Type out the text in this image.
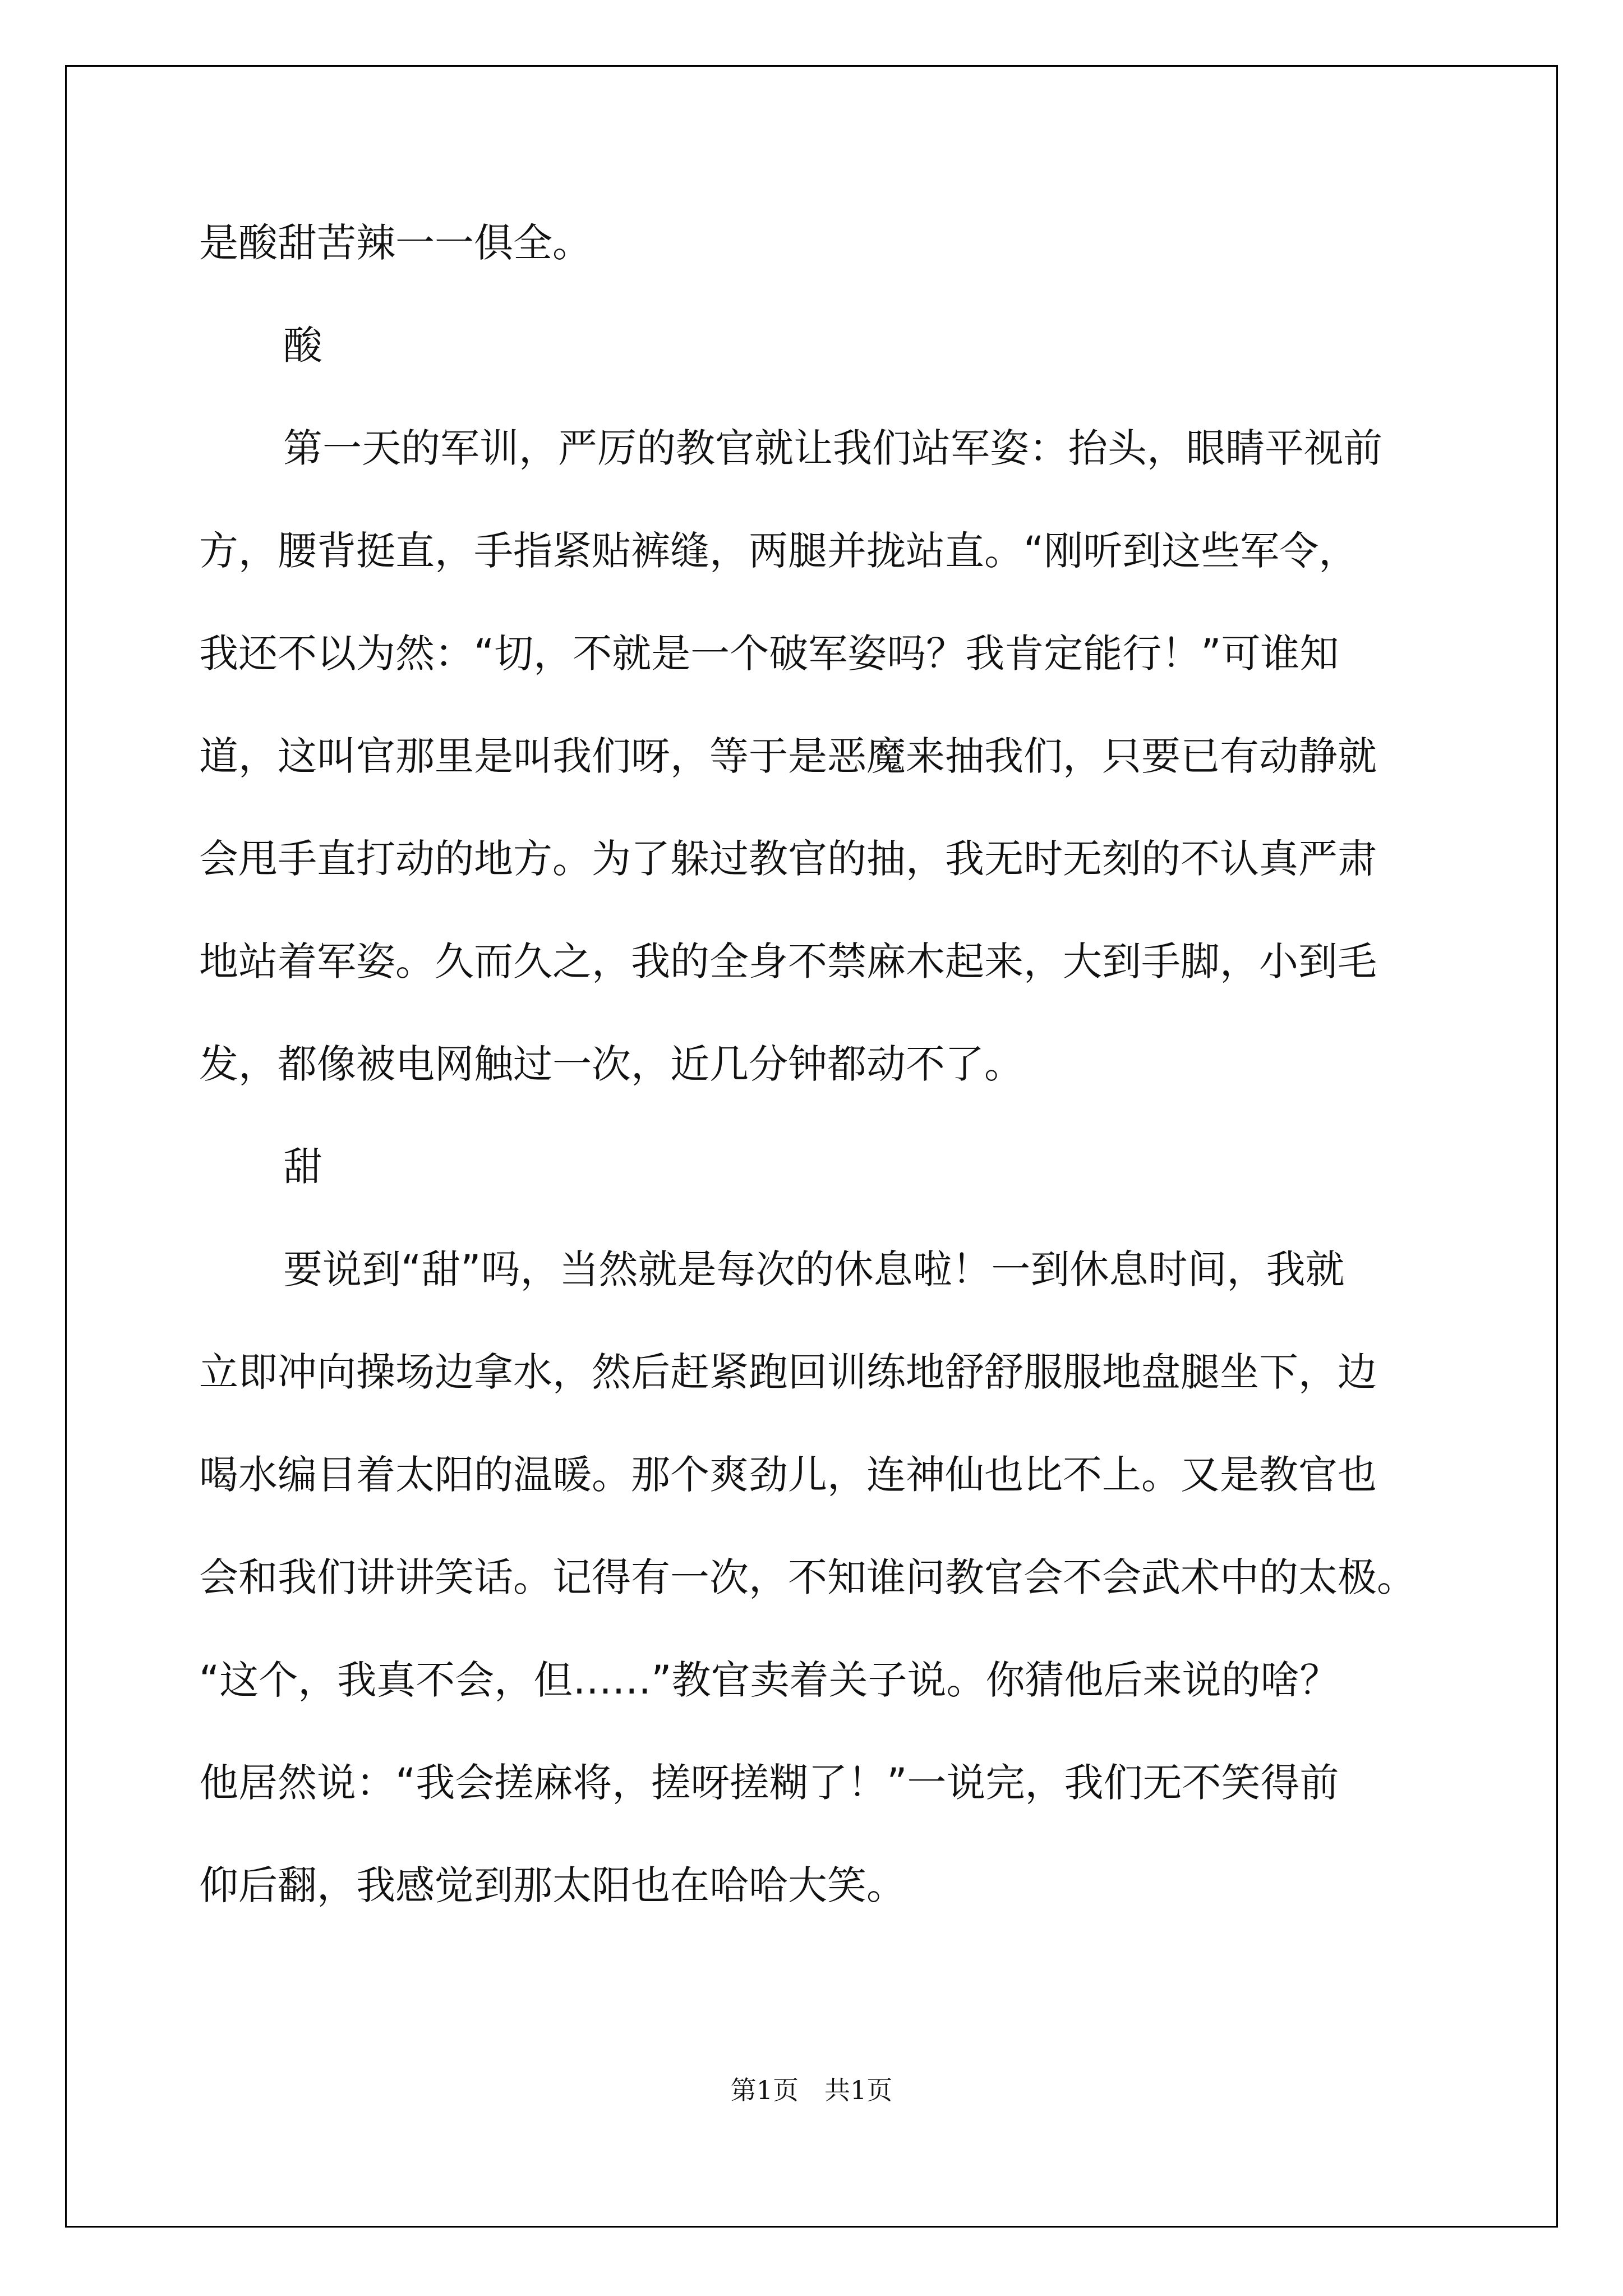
是酸甜苦辣一一俱全。

酸

第一天的军训，严厉的教官就让我们站军姿：抬头，眼睛平视前

方，腰背挺直，手指紧贴裤缝，两腿并拢站直。“刚听到这些军令，

我还不以为然：“切，不就是一个破军姿吗？我肯定能行！”可谁知

道，这叫官那里是叫我们呀，等于是恶魔来抽我们，只要已有动静就

会甩手直打动的地方。为了躲过教官的抽，我无时无刻的不认真严肃

地站着军姿。久而久之，我的全身不禁麻木起来，大到手脚，小到毛

发，都像被电网触过一次，近几分钟都动不了。

甜

要说到“甜”吗，当然就是每次的休息啦！一到休息时间，我就

立即冲向操场边拿水，然后赶紧跑回训练地舒舒服服地盘腿坐下，边

喝水编目着太阳的温暖。那个爽劲儿，连神仙也比不上。又是教官也

会和我们讲讲笑话。记得有一次，不知谁问教官会不会武术中的太极。

“这个，我真不会，但……”教官卖着关子说。你猜他后来说的啥？

他居然说：“我会搓麻将，搓呀搓糊了！”一说完，我们无不笑得前

仰后翻，我感觉到那太阳也在哈哈大笑。

第1页　共1页
